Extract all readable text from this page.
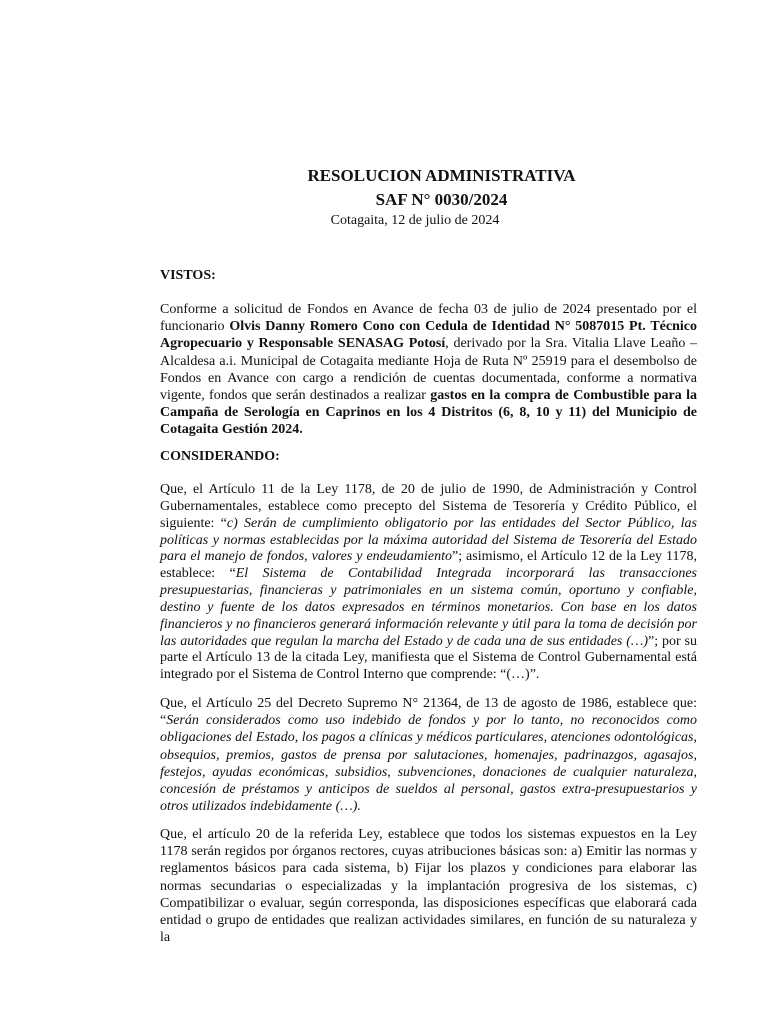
RESOLUCION ADMINISTRATIVA
SAF N° 0030/2024
Cotagaita, 12 de julio de 2024
VISTOS:

Conforme a solicitud de Fondos en Avance de fecha 03 de julio de 2024 presentado por el funcionario Olvis Danny Romero Cono con Cedula de Identidad N° 5087015 Pt. Técnico Agropecuario y Responsable SENASAG Potosí, derivado por la Sra. Vitalia Llave Leaño – Alcaldesa a.i. Municipal de Cotagaita mediante Hoja de Ruta Nº 25919 para el desembolso de Fondos en Avance con cargo a rendición de cuentas documentada, conforme a normativa vigente, fondos que serán destinados a realizar gastos en la compra de Combustible para la Campaña de Serología en Caprinos en los 4 Distritos (6, 8, 10 y 11) del Municipio de Cotagaita Gestión 2024.

CONSIDERANDO:

Que, el Artículo 11 de la Ley 1178, de 20 de julio de 1990, de Administración y Control Gubernamentales, establece como precepto del Sistema de Tesorería y Crédito Público, el siguiente: “c) Serán de cumplimiento obligatorio por las entidades del Sector Público, las políticas y normas establecidas por la máxima autoridad del Sistema de Tesorería del Estado para el manejo de fondos, valores y endeudamiento”; asimismo, el Artículo 12 de la Ley 1178, establece: “El Sistema de Contabilidad Integrada incorporará las transacciones presupuestarias, financieras y patrimoniales en un sistema común, oportuno y confiable, destino y fuente de los datos expresados en términos monetarios. Con base en los datos financieros y no financieros generará información relevante y útil para la toma de decisión por las autoridades que regulan la marcha del Estado y de cada una de sus entidades (…)”; por su parte el Artículo 13 de la citada Ley, manifiesta que el Sistema de Control Gubernamental está integrado por el Sistema de Control Interno que comprende: “(…)”.

Que, el Artículo 25 del Decreto Supremo N° 21364, de 13 de agosto de 1986, establece que: “Serán considerados como uso indebido de fondos y por lo tanto, no reconocidos como obligaciones del Estado, los pagos a clínicas y médicos particulares, atenciones odontológicas, obsequios, premios, gastos de prensa por salutaciones, homenajes, padrinazgos, agasajos, festejos, ayudas económicas, subsidios, subvenciones, donaciones de cualquier naturaleza, concesión de préstamos y anticipos de sueldos al personal, gastos extra-presupuestarios y otros utilizados indebidamente (…).

Que, el artículo 20 de la referida Ley, establece que todos los sistemas expuestos en la Ley 1178 serán regidos por órganos rectores, cuyas atribuciones básicas son: a) Emitir las normas y reglamentos básicos para cada sistema, b) Fijar los plazos y condiciones para elaborar las normas secundarias o especializadas y la implantación progresiva de los sistemas, c) Compatibilizar o evaluar, según corresponda, las disposiciones específicas que elaborará cada entidad o grupo de entidades que realizan actividades similares, en función de su naturaleza y la
